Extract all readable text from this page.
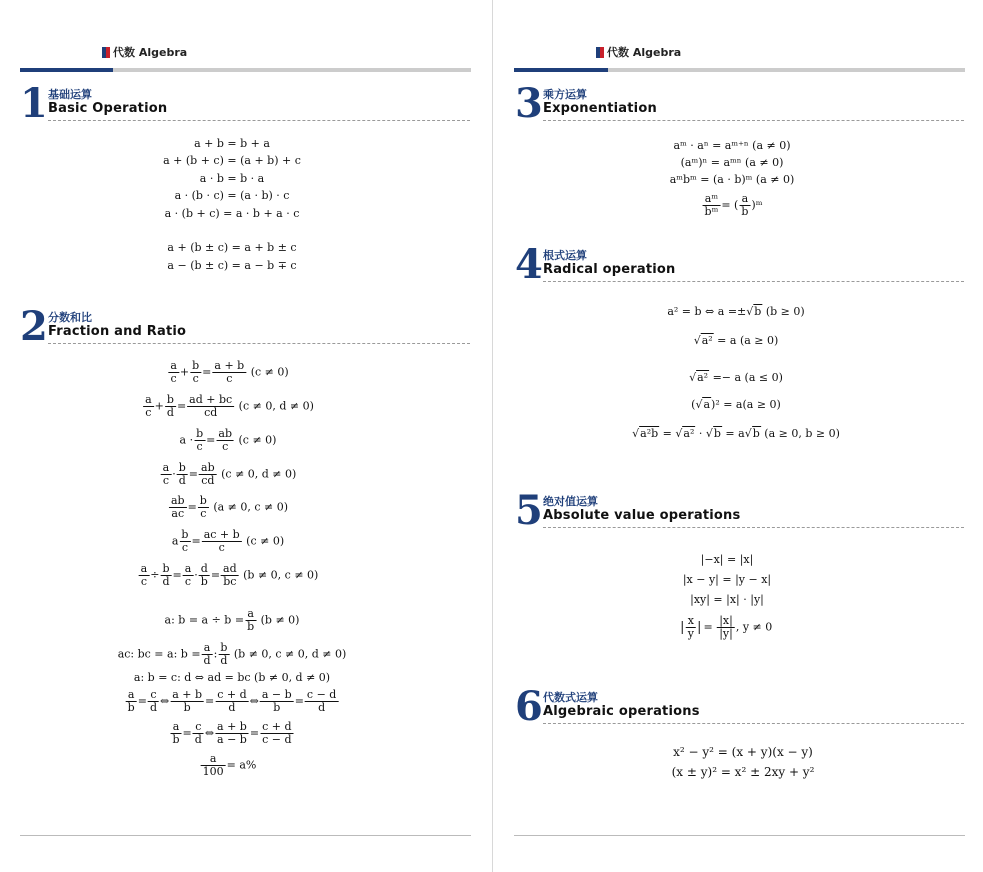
代数 Algebra
1 基础运算
Basic Operation
a + b = b + a
a + (b + c) = (a + b) + c
a · b = b · a
a · (b · c) = (a · b) · c
a · (b + c) = a · b + a · c
a + (b ± c) = a + b ± c
a − (b ± c) = a − b ∓ c
2 分数和比
Fraction and Ratio
$\frac{a}{c} + \frac{b}{c} = \frac{a + b}{c} (c \ne 0)$
$\frac{a}{c} + \frac{b}{d} = \frac{ad + bc}{cd} (c \ne 0$, d ≠ 0)
$a \cdot \frac{b}{c} = \frac{ab}{c} (c \ne 0)$
$\frac{a}{c} \cdot \frac{b}{d} = \frac{ab}{cd} (c \ne 0$, d ≠ 0)
$\frac{ab}{ac} = \frac{b}{c} (a \ne 0$, c ≠ 0)
a $\frac{b}{c} = \frac{ac + b}{c} (c \ne 0)$
$\frac{a}{c} \div \frac{b}{d} = \frac{a}{c} \cdot \frac{d}{b} = \frac{ad}{bc} (b \ne 0$, c ≠ 0)
a: $b = a \div b = \frac{a}{b} (b \ne 0)$
ac: bc = a: $b = \frac{a}{d}$ : $\frac{b}{d} (b \ne 0$, c ≠ 0, d ≠ 0)
a: b = c: d ⇔ ad = bc (b ≠ 0, d ≠ 0)
$\frac{a}{b} = \frac{c}{d}$ ⇔ $\frac{a + b}{b} = \frac{c + d}{d}$ ⇔ $\frac{a - b}{b} = \frac{c - d}{d}$
$\frac{a}{b} = \frac{c}{d}$ ⇔ $\frac{a + b}{a - b} = \frac{c + d}{c - d}$
$\frac{a}{100} = a\%$
代数 Algebra
3 乘方运算
Exponentiation
aᵐ · aⁿ = aᵐ⁺ⁿ (a ≠ 0)
(aᵐ)ⁿ = aᵐⁿ (a ≠ 0)
aᵐbᵐ = (a · b)ᵐ (a ≠ 0)
$\frac{\text{aᵐ}}{\text{bᵐ}}$ = ( $\frac{a}{b}$ )ᵐ
4 根式运算
Radical operation
a² = b ⇔ a =±√b (b ≥ 0)
√a² = a (a ≥ 0)
√a² =− a (a ≤ 0)
(√a)² = a(a ≥ 0)
√a²b = √a² · √b = a√b (a ≥ 0, b ≥ 0)
5 绝对值运算
Absolute value operations
|−x| = |x|
|x − y| = |y − x|
|xy| = |x| · |y|
$\frac{x}{y} = \frac{|x|}{|y|}$ , y ≠ 0
6 代数式运算
Algebraic operations
x² − y² = (x + y)(x − y)
(x ± y)² = x² ± 2xy + y²
